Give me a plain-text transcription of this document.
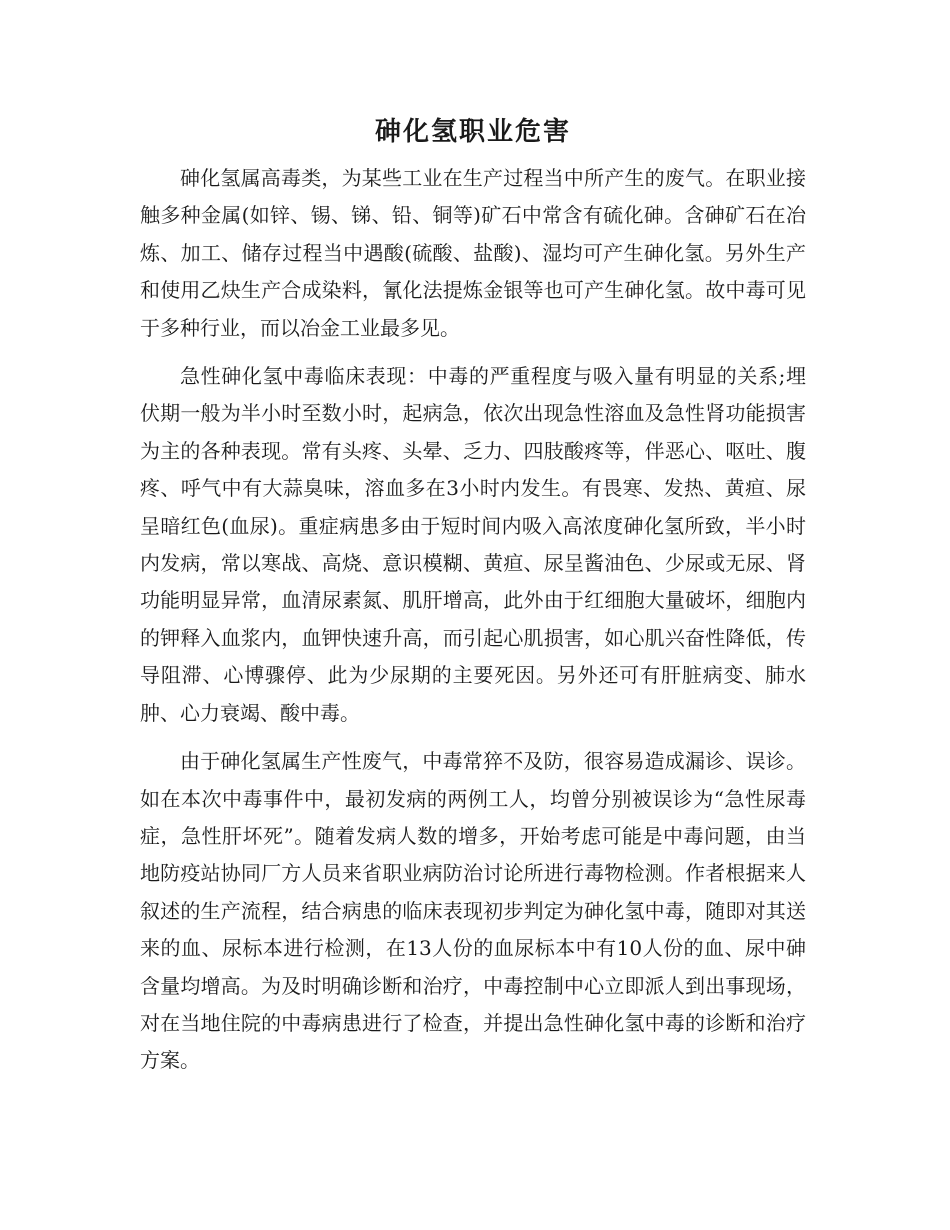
砷化氢职业危害

砷化氢属高毒类，为某些工业在生产过程当中所产生的废气。在职业接触多种金属(如锌、锡、锑、铅、铜等)矿石中常含有硫化砷。含砷矿石在冶炼、加工、储存过程当中遇酸(硫酸、盐酸)、湿均可产生砷化氢。另外生产和使用乙炔生产合成染料，氰化法提炼金银等也可产生砷化氢。故中毒可见于多种行业，而以冶金工业最多见。

急性砷化氢中毒临床表现：中毒的严重程度与吸入量有明显的关系;埋伏期一般为半小时至数小时，起病急，依次出现急性溶血及急性肾功能损害为主的各种表现。常有头疼、头晕、乏力、四肢酸疼等，伴恶心、呕吐、腹疼、呼气中有大蒜臭味，溶血多在3小时内发生。有畏寒、发热、黄疸、尿呈暗红色(血尿)。重症病患多由于短时间内吸入高浓度砷化氢所致，半小时内发病，常以寒战、高烧、意识模糊、黄疸、尿呈酱油色、少尿或无尿、肾功能明显异常，血清尿素氮、肌肝增高，此外由于红细胞大量破坏，细胞内的钾释入血浆内，血钾快速升高，而引起心肌损害，如心肌兴奋性降低，传导阻滞、心博骤停、此为少尿期的主要死因。另外还可有肝脏病变、肺水肿、心力衰竭、酸中毒。

由于砷化氢属生产性废气，中毒常猝不及防，很容易造成漏诊、误诊。如在本次中毒事件中，最初发病的两例工人，均曾分别被误诊为“急性尿毒症，急性肝坏死”。随着发病人数的增多，开始考虑可能是中毒问题，由当地防疫站协同厂方人员来省职业病防治讨论所进行毒物检测。作者根据来人叙述的生产流程，结合病患的临床表现初步判定为砷化氢中毒，随即对其送来的血、尿标本进行检测，在13人份的血尿标本中有10人份的血、尿中砷含量均增高。为及时明确诊断和治疗，中毒控制中心立即派人到出事现场，对在当地住院的中毒病患进行了检查，并提出急性砷化氢中毒的诊断和治疗方案。
